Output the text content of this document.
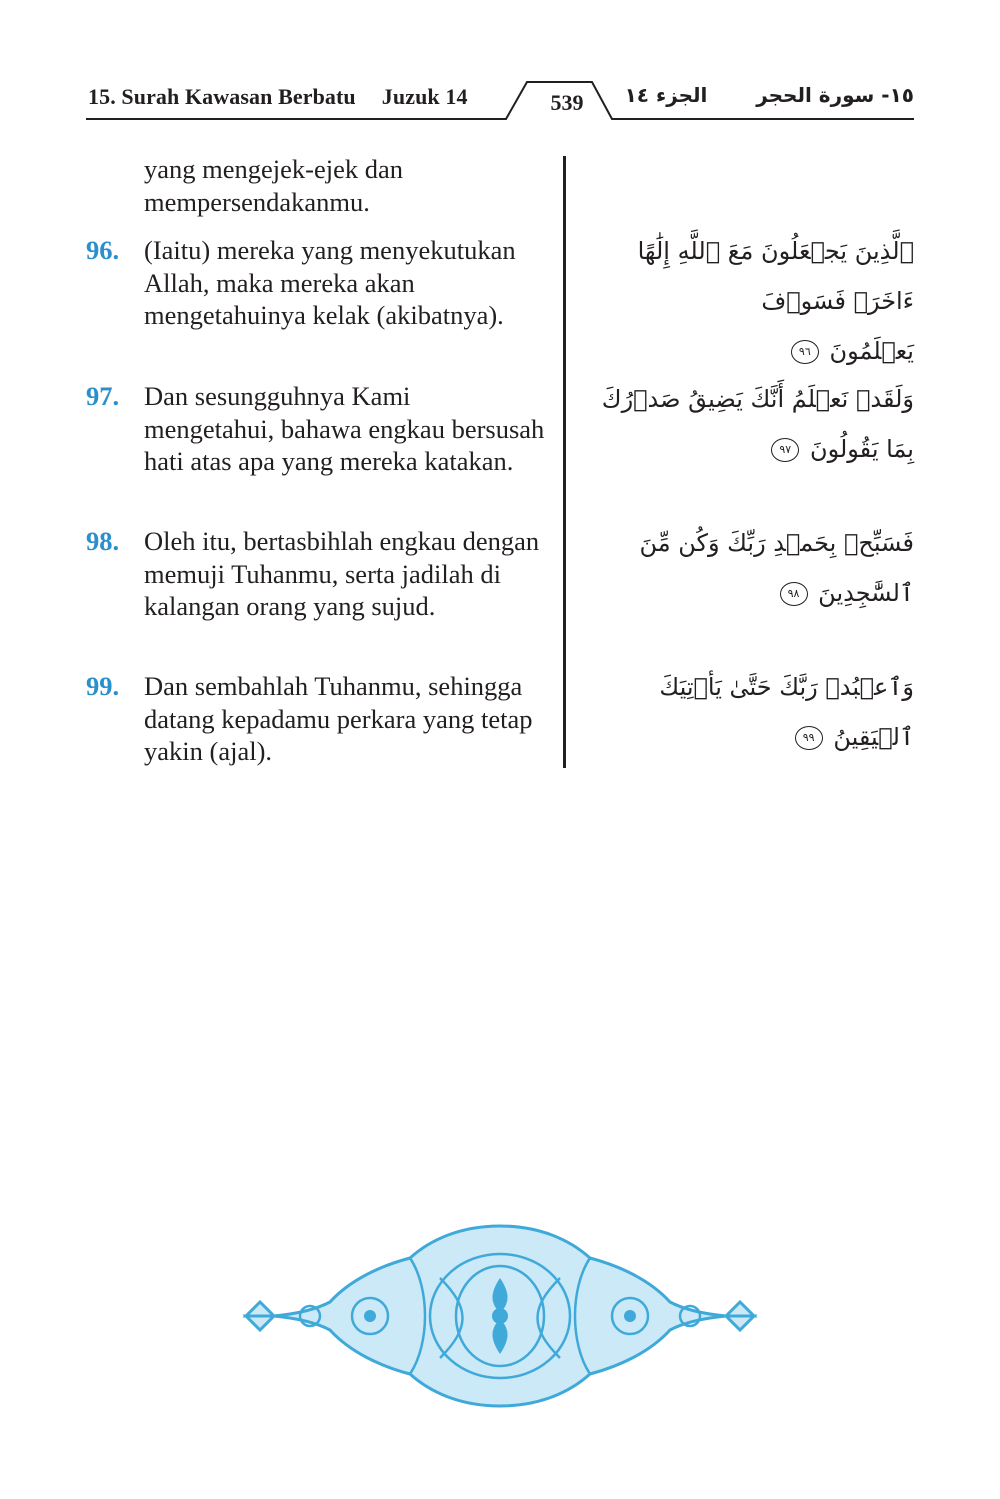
15. Surah Kawasan Berbatu Juzuk 14	539	الجزء ١٤	١٥- سورة الحجر
yang mengejek-ejek dan mempersendakanmu.
96. (Iaitu) mereka yang menyekutukan Allah, maka mereka akan mengetahuinya kelak (akibatnya).
97. Dan sesungguhnya Kami mengetahui, bahawa engkau bersusah hati atas apa yang mereka katakan.
98. Oleh itu, bertasbihlah engkau dengan memuji Tuhanmu, serta jadilah di kalangan orang yang sujud.
99. Dan sembahlah Tuhanmu, sehingga datang kepadamu perkara yang tetap yakin (ajal).
ٱلَّذِينَ يَجۡعَلُونَ مَعَ ٱللَّهِ إِلَٰهًا ءَاخَرَۚ فَسَوۡفَ
يَعۡلَمُونَ ٩٦
وَلَقَدۡ نَعۡلَمُ أَنَّكَ يَضِيقُ صَدۡرُكَ بِمَا يَقُولُونَ ٩٧
فَسَبِّحۡ بِحَمۡدِ رَبِّكَ وَكُن مِّنَ ٱلسَّٰجِدِينَ ٩٨
وَٱعۡبُدۡ رَبَّكَ حَتَّىٰ يَأۡتِيَكَ ٱلۡيَقِينُ ٩٩
